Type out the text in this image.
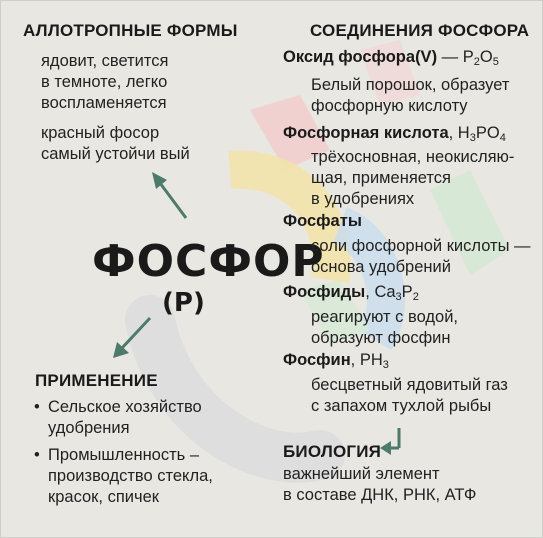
АЛЛОТРОПНЫЕ ФОРМЫ
ядовит, светится
в темноте, легко
воспламеняется
красный фосор
самый устойчи вый
ФОСФОР
(P)
ПРИМЕНЕНИЕ
• Сельское хозяйство
удобрения
• Промышленность –
производство стекла,
красок, спичек
СОЕДИНЕНИЯ ФОСФОРА
Оксид фосфора(V) — $P_2O_5$
Белый порошок, образует
фосфорную кислоту
Фосфорная кислота, $H_3PO_4$
трёхосновная, неокисляю-
щая, применяется
в удобрениях
Фосфаты
соли фосфорной кислоты —
основа удобрений
Фосфиды, $Ca_3P_2$
реагируют с водой,
образуют фосфин
Фосфин, $PH_3$
бесцветный ядовитый газ
с запахом тухлой рыбы
БИОЛОГИЯ
важнейший элемент
в составе ДНК, РНК, АТФ
